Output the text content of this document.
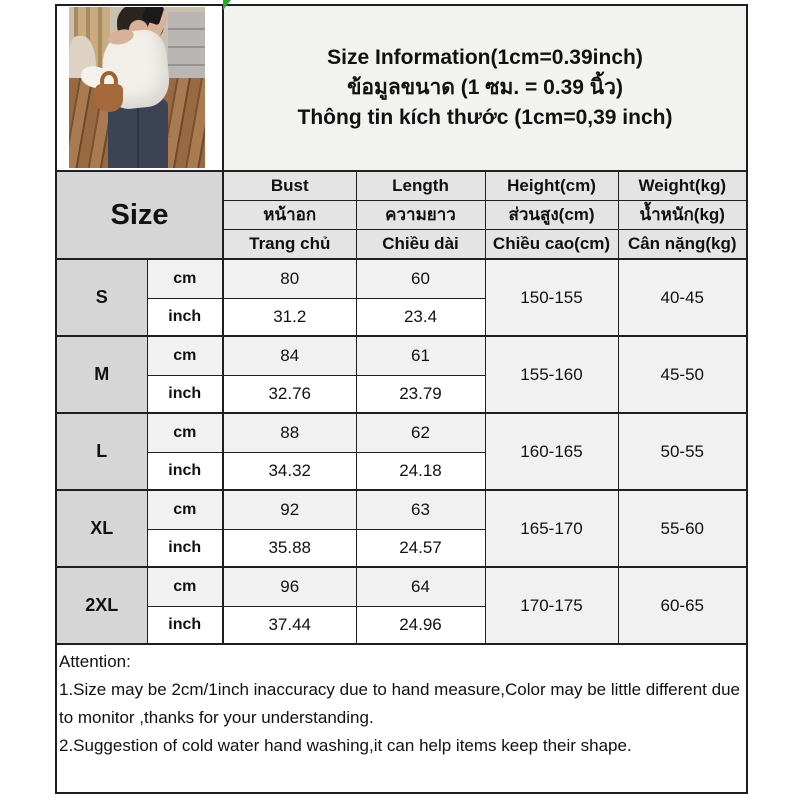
		Size Information(1cm=0.39inch)
ข้อมูลขนาด (1 ซม. = 0.39 นิ้ว)
Thông tin kích thước (1cm=0,39 inch)			

Size		Bust	Length	Height(cm)	Weight(kg)
		หน้าอก	ความยาว	ส่วนสูง(cm)	น้ำหนัก(kg)
		Trang chủ	Chiều dài	Chiều cao(cm)	Cân nặng(kg)
S	cm	80	60	150-155	40-45
	inch	31.2	23.4		
M	cm	84	61	155-160	45-50
	inch	32.76	23.79		
L	cm	88	62	160-165	50-55
	inch	34.32	24.18		
XL	cm	92	63	165-170	55-60
	inch	35.88	24.57		
2XL	cm	96	64	170-175	60-65
	inch	37.44	24.96		

Attention:
1.Size may be 2cm/1inch inaccuracy due to hand measure,Color may be little different due to monitor ,thanks for your understanding.
2.Suggestion of cold water hand washing,it can help items keep their shape.					
